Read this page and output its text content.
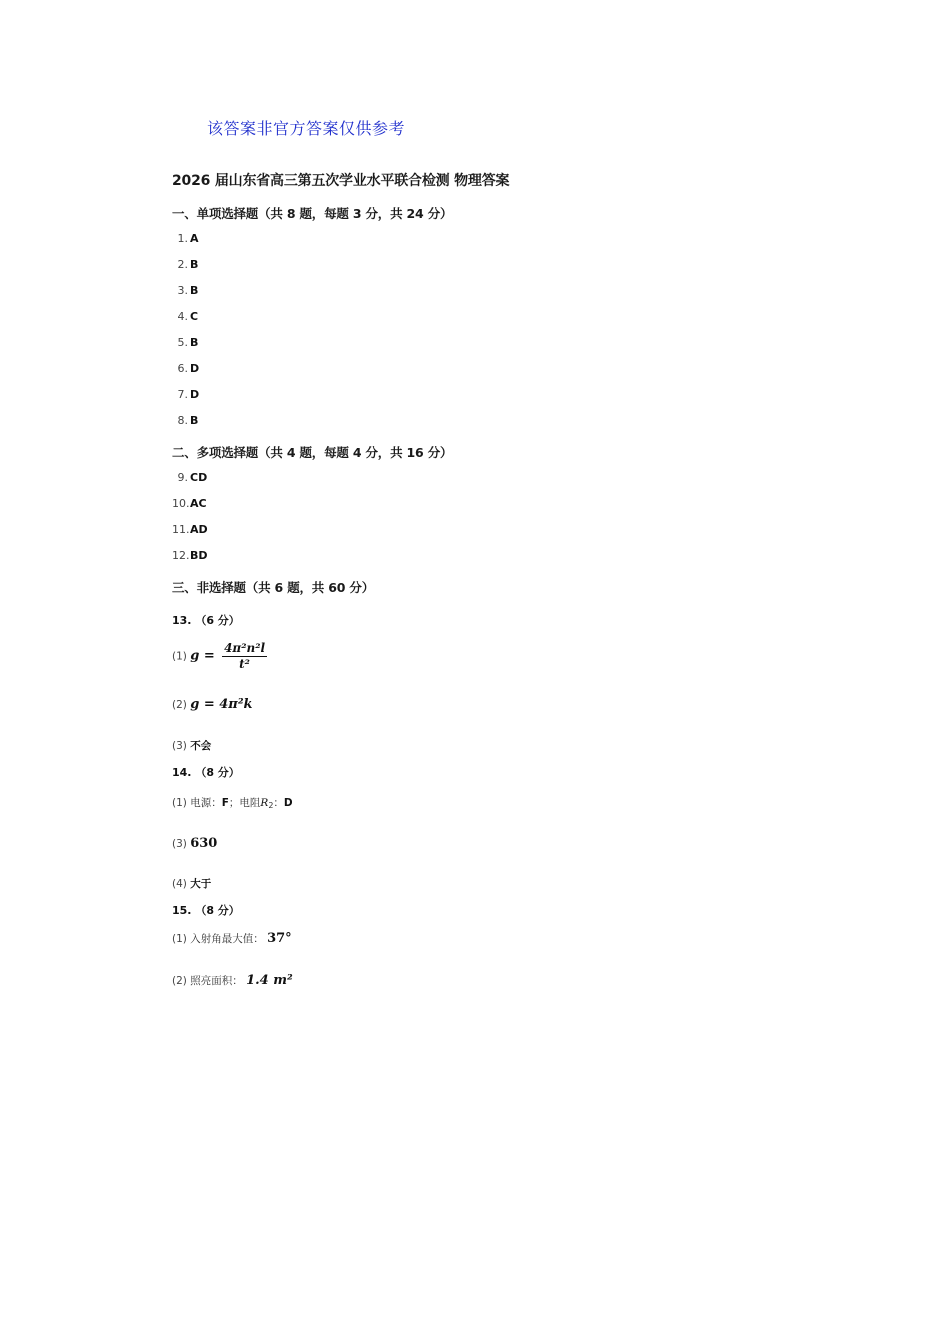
该答案非官方答案仅供参考
2026 届山东省高三第五次学业水平联合检测 物理答案
一、单项选择题（共 8 题，每题 3 分，共 24 分）
1. A
2. B
3. B
4. C
5. B
6. D
7. D
8. B
二、多项选择题（共 4 题，每题 4 分，共 16 分）
9. CD
10.AC
11.AD
12.BD
三、非选择题（共 6 题，共 60 分）
13. （6 分）
(1) $g = \frac{\text{4π²n²l}}{\text{t²}}$
(2) g = 4π²k
(3) 不会
14. （8 分）
(1) 电源：F；电阻$R_2$：D
(3) 630
(4) 大于
15. （8 分）
(1) 入射角最大值： 37°
(2) 照亮面积： 1.4 m²
